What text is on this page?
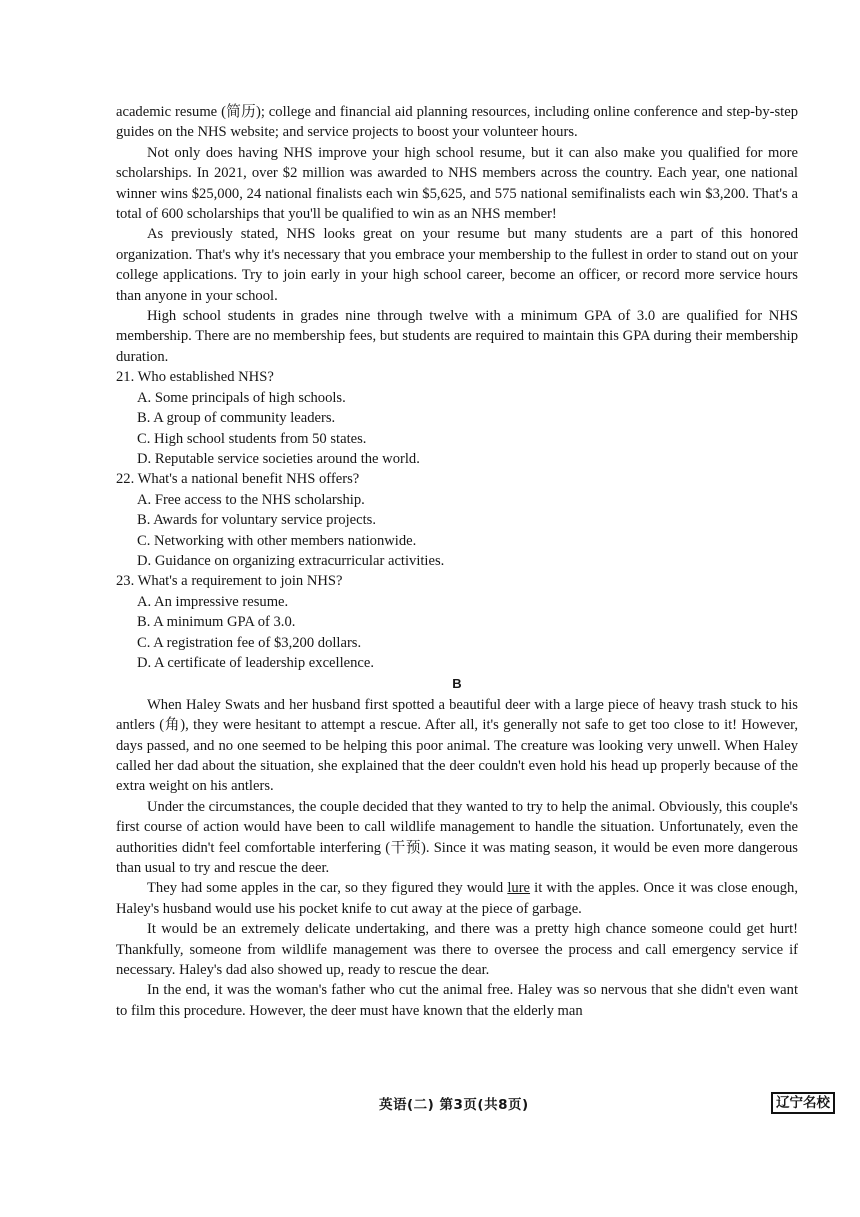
academic resume (简历); college and financial aid planning resources, including online conference and step-by-step guides on the NHS website; and service projects to boost your volunteer hours.

Not only does having NHS improve your high school resume, but it can also make you qualified for more scholarships. In 2021, over $2 million was awarded to NHS members across the country. Each year, one national winner wins $25,000, 24 national finalists each win $5,625, and 575 national semifinalists each win $3,200. That's a total of 600 scholarships that you'll be qualified to win as an NHS member!

As previously stated, NHS looks great on your resume but many students are a part of this honored organization. That's why it's necessary that you embrace your membership to the fullest in order to stand out on your college applications. Try to join early in your high school career, become an officer, or record more service hours than anyone in your school.

High school students in grades nine through twelve with a minimum GPA of 3.0 are qualified for NHS membership. There are no membership fees, but students are required to maintain this GPA during their membership duration.

21. Who established NHS?

A. Some principals of high schools.

B. A group of community leaders.

C. High school students from 50 states.

D. Reputable service societies around the world.

22. What's a national benefit NHS offers?

A. Free access to the NHS scholarship.

B. Awards for voluntary service projects.

C. Networking with other members nationwide.

D. Guidance on organizing extracurricular activities.

23. What's a requirement to join NHS?

A. An impressive resume.

B. A minimum GPA of 3.0.

C. A registration fee of $3,200 dollars.

D. A certificate of leadership excellence.

B

When Haley Swats and her husband first spotted a beautiful deer with a large piece of heavy trash stuck to his antlers (角), they were hesitant to attempt a rescue. After all, it's generally not safe to get too close to it! However, days passed, and no one seemed to be helping this poor animal. The creature was looking very unwell. When Haley called her dad about the situation, she explained that the deer couldn't even hold his head up properly because of the extra weight on his antlers.

Under the circumstances, the couple decided that they wanted to try to help the animal. Obviously, this couple's first course of action would have been to call wildlife management to handle the situation. Unfortunately, even the authorities didn't feel comfortable interfering (干预). Since it was mating season, it would be even more dangerous than usual to try and rescue the deer.

They had some apples in the car, so they figured they would lure it with the apples. Once it was close enough, Haley's husband would use his pocket knife to cut away at the piece of garbage.

It would be an extremely delicate undertaking, and there was a pretty high chance someone could get hurt! Thankfully, someone from wildlife management was there to oversee the process and call emergency service if necessary. Haley's dad also showed up, ready to rescue the dear.

In the end, it was the woman's father who cut the animal free. Haley was so nervous that she didn't even want to film this procedure. However, the deer must have known that the elderly man

英语(二) 第3页(共8页)	辽宁名校
